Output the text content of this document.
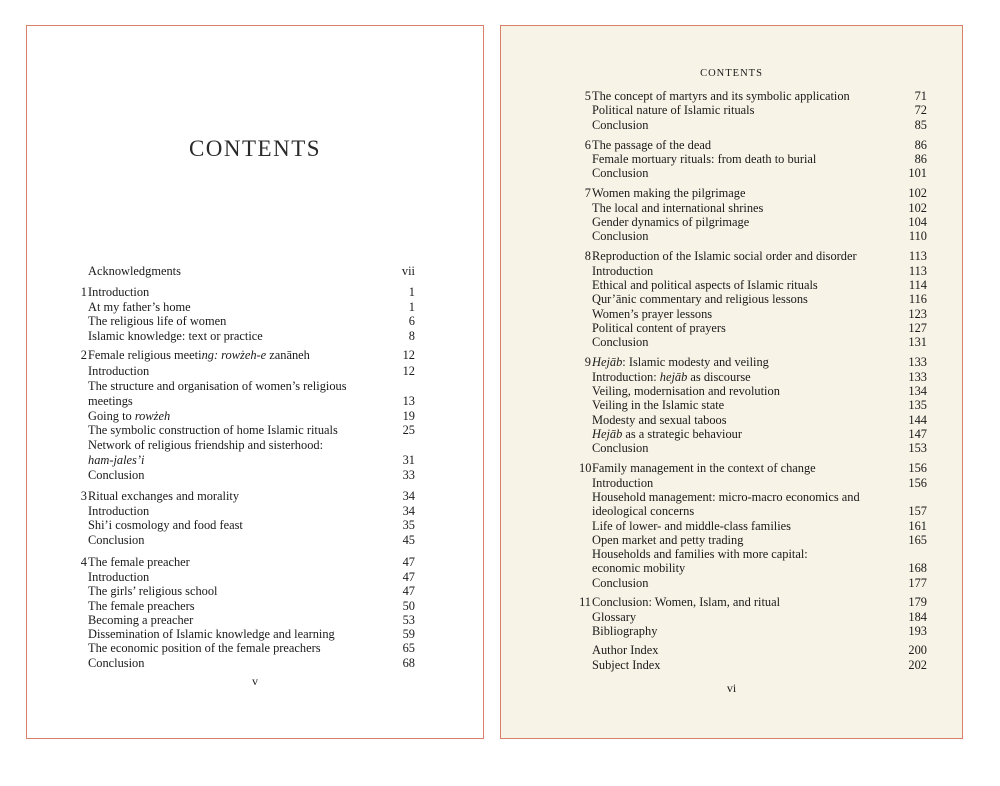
CONTENTS
Acknowledgments	vii
1 Introduction	1
At my father’s home	1
The religious life of women	6
Islamic knowledge: text or practice	8
2 Female religious meeting: rowżeh-e zanāneh	12
Introduction	12
The structure and organisation of women’s religious
meetings	13
Going to rowżeh	19
The symbolic construction of home Islamic rituals	25
Network of religious friendship and sisterhood:
ham-jales’i	31
Conclusion	33
3 Ritual exchanges and morality	34
Introduction	34
Shi’i cosmology and food feast	35
Conclusion	45
4 The female preacher	47
Introduction	47
The girls’ religious school	47
The female preachers	50
Becoming a preacher	53
Dissemination of Islamic knowledge and learning	59
The economic position of the female preachers	65
Conclusion	68
v
CONTENTS
5 The concept of martyrs and its symbolic application	71
Political nature of Islamic rituals	72
Conclusion	85
6 The passage of the dead	86
Female mortuary rituals: from death to burial	86
Conclusion	101
7 Women making the pilgrimage	102
The local and international shrines	102
Gender dynamics of pilgrimage	104
Conclusion	110
8 Reproduction of the Islamic social order and disorder	113
Introduction	113
Ethical and political aspects of Islamic rituals	114
Qur’ānic commentary and religious lessons	116
Women’s prayer lessons	123
Political content of prayers	127
Conclusion	131
9 Hejāb: Islamic modesty and veiling	133
Introduction: hejāb as discourse	133
Veiling, modernisation and revolution	134
Veiling in the Islamic state	135
Modesty and sexual taboos	144
Hejāb as a strategic behaviour	147
Conclusion	153
10 Family management in the context of change	156
Introduction	156
Household management: micro-macro economics and
ideological concerns	157
Life of lower- and middle-class families	161
Open market and petty trading	165
Households and families with more capital:
economic mobility	168
Conclusion	177
11 Conclusion: Women, Islam, and ritual	179
Glossary	184
Bibliography	193
Author Index	200
Subject Index	202
vi
